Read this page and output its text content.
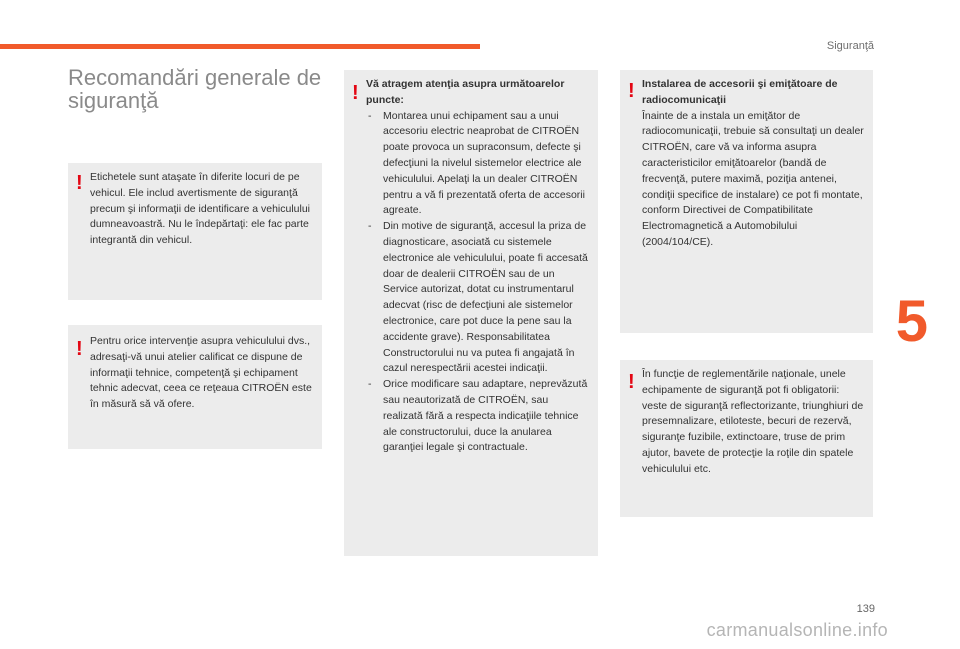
Siguranţă
Recomandări generale de siguranţă
! Etichetele sunt ataşate în diferite locuri de pe vehicul. Ele includ avertismente de siguranţă precum şi informaţii de identificare a vehiculului dumneavoastră. Nu le îndepărtaţi: ele fac parte integrantă din vehicul.

! Pentru orice intervenţie asupra vehiculului dvs., adresaţi-vă unui atelier calificat ce dispune de informaţii tehnice, competenţă şi echipament tehnic adecvat, ceea ce reţeaua CITROËN este în măsură să vă ofere.

! Vă atragem atenţia asupra următoarelor puncte:

- Montarea unui echipament sau a unui accesoriu electric neaprobat de CITROËN poate provoca un supraconsum, defecte şi defecţiuni la nivelul sistemelor electrice ale vehiculului. Apelaţi la un dealer CITROËN pentru a vă fi prezentată oferta de accesorii agreate.
- Din motive de siguranţă, accesul la priza de diagnosticare, asociată cu sistemele electronice ale vehiculului, poate fi accesată doar de dealerii CITROËN sau de un Service autorizat, dotat cu instrumentarul adecvat (risc de defecţiuni ale sistemelor electronice, care pot duce la pene sau la accidente grave). Responsabilitatea Constructorului nu va putea fi angajată în cazul nerespectării acestei indicaţii.
- Orice modificare sau adaptare, neprevăzută sau neautorizată de CITROËN, sau realizată fără a respecta indicaţiile tehnice ale constructorului, duce la anularea garanţiei legale şi contractuale.
! Instalarea de accesorii şi emiţătoare de radiocomunicaţii

Înainte de a instala un emiţător de radiocomunicaţii, trebuie să consultaţi un dealer CITROËN, care vă va informa asupra caracteristicilor emiţătoarelor (bandă de frecvenţă, putere maximă, poziţia antenei, condiţii specifice de instalare) ce pot fi montate, conform Directivei de Compatibilitate Electromagnetică a Automobilului (2004/104/CE).

! În funcţie de reglementările naţionale, unele echipamente de siguranţă pot fi obligatorii: veste de siguranţă reflectorizante, triunghiuri de presemnalizare, etiloteste, becuri de rezervă, siguranţe fuzibile, extinctoare, truse de prim ajutor, bavete de protecţie la roţile din spatele vehiculului etc.

5
139
carmanualsonline.info
